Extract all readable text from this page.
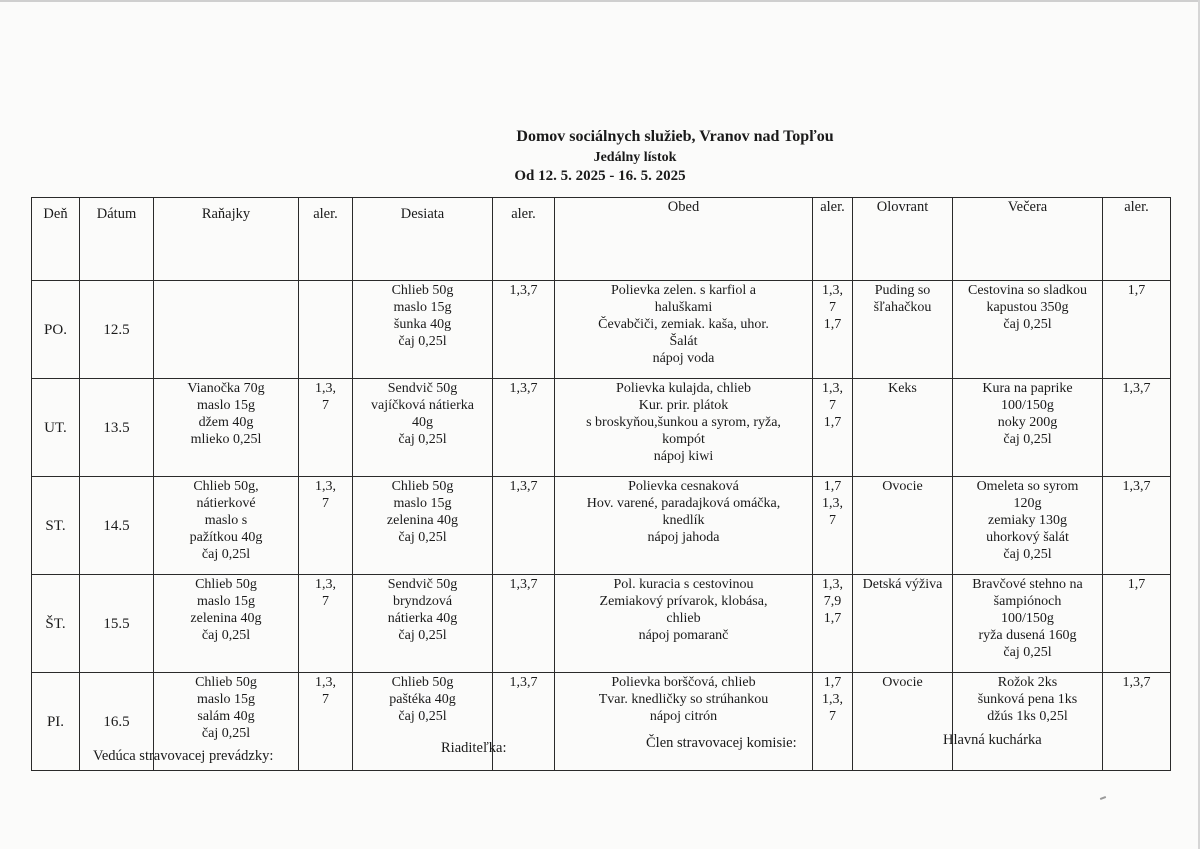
Domov sociálnych služieb, Vranov nad Topľou
Jedálny lístok
Od 12. 5. 2025 - 16. 5. 2025
Deň	Dátum	Raňajky	aler.	Desiata	aler.	Obed	aler.	Olovrant	Večera	aler.
PO.	12.5			Chlieb 50g
maslo 15g
šunka 40g
čaj 0,25l	1,3,7	Polievka zelen. s karfiol a
haluškami
Čevabčiči, zemiak. kaša, uhor.
Šalát
nápoj voda	1,3,
7
1,7	Puding so
šľahačkou	Cestovina so sladkou
kapustou 350g
čaj 0,25l	1,7

UT.	13.5	Vianočka 70g
maslo 15g
džem 40g
mlieko 0,25l	1,3,
7	Sendvič 50g
vajíčková nátierka
40g
čaj 0,25l	1,3,7	Polievka kulajda, chlieb
Kur. prir. plátok
s broskyňou,šunkou a syrom, ryža,
kompót
nápoj kiwi	1,3,
7
1,7	Keks	Kura na paprike
100/150g
noky 200g
čaj 0,25l	1,3,7

ST.	14.5	Chlieb 50g,
nátierkové
maslo s
pažítkou 40g
čaj 0,25l	1,3,
7	Chlieb 50g
maslo 15g
zelenina 40g
čaj 0,25l	1,3,7	Polievka cesnaková
Hov. varené, paradajková omáčka,
knedlík
nápoj jahoda	1,7
1,3,
7	Ovocie	Omeleta so syrom
120g
zemiaky 130g
uhorkový šalát
čaj 0,25l	1,3,7

ŠT.	15.5	Chlieb 50g
maslo 15g
zelenina 40g
čaj 0,25l	1,3,
7	Sendvič 50g
bryndzová
nátierka 40g
čaj 0,25l	1,3,7	Pol. kuracia s cestovinou
Zemiakový prívarok, klobása,
chlieb
nápoj pomaranč	1,3,
7,9
1,7	Detská výživa	Bravčové stehno na
šampiónoch
100/150g
ryža dusená 160g
čaj 0,25l	1,7

PI.	16.5	Chlieb 50g
maslo 15g
salám 40g
čaj 0,25l	1,3,
7	Chlieb 50g
paštéka 40g
čaj 0,25l	1,3,7	Polievka borščová, chlieb
Tvar. knedličky so strúhankou
nápoj citrón	1,7
1,3,
7	Ovocie	Rožok 2ks
šunková pena 1ks
džús 1ks 0,25l	1,3,7
Vedúca stravovacej prevádzky:	Riaditeľka:	Člen stravovacej komisie:	Hlavná kuchárka
